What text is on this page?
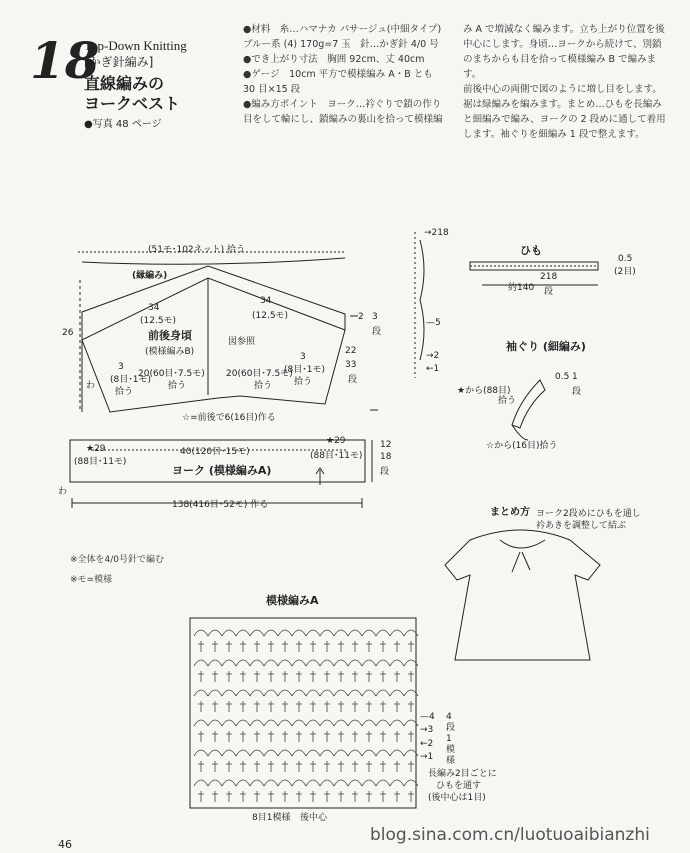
18
Top-Down Knitting
[かぎ針編み]
直線編みの
ヨークベスト
●写真 48 ページ
●材料　糸…ハマナカ パサージュ(中細タイプ)
ブルー系 (4) 170g=7 玉　針…かぎ針 4/0 号
●でき上がり寸法　胸囲 92cm、丈 40cm
●ゲージ　10cm 平方で模様編み A・B とも
30 目×15 段
●編み方ポイント　ヨーク…衿ぐりで鎖の作り
目をして輪にし、鎖編みの裏山を拾って模様編
み A で増減なく編みます。立ち上がり位置を後
中心にします。身頃…ヨークから続けて、別鎖
のまちからも目を拾って模様編み B で編みます。
前後中心の両側で図のように増し目をします。
裾は緑編みを編みます。まとめ…ひもを長編み
と細編みで編み、ヨークの 2 段めに通して着用
します。袖ぐりを細編み 1 段で整えます。
(51モ･102ネット) 拾う
(縁編み)
26
34
(12.5モ)
34
(12.5モ)
前後身頃
(模様編みB)
図参照
2 3
段
22
33
段
3
(8目･1モ)
拾う
20(60目･7.5モ)
拾う
3
(8目･1モ)
拾う
20(60目･7.5モ)
拾う
わ
☆=前後で6(16目)作る
★29
(88目･11モ)
40(120目･15モ)
★29
(88目･11モ)
12
18
段
ヨーク (模様編みA)
138(416目･52モ) 作る
わ
※全体を4/0号針で編む
※モ=模様
→218
—5
→2
←1
ひも
0.5
(2目)
約140
218
段
袖ぐり (細編み)
0.5 1
段
★から(88目)
拾う
☆から(16目)拾う
まとめ方 ヨーク2段めにひもを通し
衿あきを調整して結ぶ
模様編みA
—4
→3
←2
→1
4
段
1
模
様
長編み2目ごとに
ひもを通す
(後中心は1目)
8目1模様 後中心
46	blog.sina.com.cn/luotuoaibianzhi
